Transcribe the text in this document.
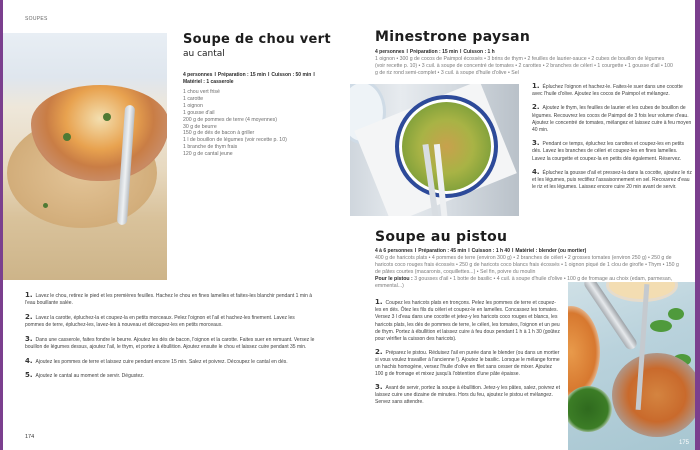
SOUPES
Soupe de chou vert
au cantal
4 personnes I Préparation : 15 min I Cuisson : 50 min I
Matériel : 1 casserole
1 chou vert frisé
1 carotte
1 oignon
1 gousse d'ail
200 g de pommes de terre (4 moyennes)
30 g de beurre
150 g de dés de bacon à griller
1 l de bouillon de légumes (voir recette p. 10)
1 branche de thym frais
120 g de cantal jeune
1. Lavez le chou, retirez le pied et les premières feuilles. Hachez le chou en fines lamelles et faites-les blanchir pendant 1 min à l'eau bouillante salée.
2. Lavez la carotte, épluchez-la et coupez-la en petits morceaux. Pelez l'oignon et l'ail et hachez-les finement. Lavez les pommes de terre, épluchez-les, lavez-les à nouveau et découpez-les en petits morceaux.
3. Dans une casserole, faites fondre le beurre. Ajoutez les dés de bacon, l'oignon et la carotte. Faites suer en remuant. Versez le bouillon de légumes dessus, ajoutez l'ail, le thym, et portez à ébullition. Ajoutez ensuite le chou et laissez cuire pendant 35 min.
4. Ajoutez les pommes de terre et laissez cuire pendant encore 15 min. Salez et poivrez. Découpez le cantal en dés.
5. Ajoutez le cantal au moment de servir. Dégustez.
174
Minestrone paysan
4 personnes I Préparation : 15 min I Cuisson : 1 h
1 oignon • 300 g de cocos de Paimpol écossés • 3 brins de thym • 2 feuilles de laurier-sauce • 2 cubes de bouillon de légumes (voir recette p. 10) • 3 cuil. à soupe de concentré de tomates • 2 carottes • 2 branches de céleri • 1 courgette • 1 gousse d'ail • 100 g de riz rond semi-complet • 3 cuil. à soupe d'huile d'olive • Sel
1. Épluchez l'oignon et hachez-le. Faites-le suer dans une cocotte avec l'huile d'olive. Ajoutez les cocos de Paimpol et mélangez.
2. Ajoutez le thym, les feuilles de laurier et les cubes de bouillon de légumes. Recouvrez les cocos de Paimpol de 3 fois leur volume d'eau. Ajoutez le concentré de tomates, mélangez et laissez cuire à feu moyen 40 min.
3. Pendant ce temps, épluchez les carottes et coupez-les en petits dés. Lavez les branches de céleri et coupez-les en fines lamelles. Lavez la courgette et coupez-la en petits dés également. Réservez.
4. Épluchez la gousse d'ail et pressez-la dans la cocotte, ajoutez le riz et les légumes, puis rectifiez l'assaisonnement en sel. Recouvrez d'eau le riz et les légumes. Laissez encore cuire 20 min avant de servir.
Soupe au pistou
4 à 6 personnes I Préparation : 45 min I Cuisson : 1 h 40 I Matériel : blender (ou mortier)
400 g de haricots plats • 4 pommes de terre (environ 300 g) • 2 branches de céleri • 2 grosses tomates (environ 250 g) • 250 g de haricots coco rouges frais écossés • 250 g de haricots coco blancs frais écossés • 1 oignon piqué de 1 clou de girofle • Thym • 150 g de pâtes courtes (macaronis, coquillettes...) • Sel fin, poivre du moulin
Pour le pistou : 3 gousses d'ail • 1 botte de basilic • 4 cuil. à soupe d'huile d'olive • 100 g de fromage au choix (edam, parmesan, emmental...)
1. Coupez les haricots plats en tronçons. Pelez les pommes de terre et coupez-les en dés. Ôtez les fils du céleri et coupez-le en lamelles. Concassez les tomates. Versez 3 l d'eau dans une cocotte et jetez-y les haricots coco rouges et blancs, les haricots plats, les dés de pommes de terre, le céleri, les tomates, l'oignon et un peu de thym. Portez à ébullition et laissez cuire à feu doux pendant 1 h à 1 h 30 (goûtez pour vérifier la cuisson des haricots).
2. Préparez le pistou. Réduisez l'ail en purée dans le blender (ou dans un mortier si vous voulez travailler à l'ancienne !). Ajoutez le basilic. Lorsque le mélange forme un hachis homogène, versez l'huile d'olive en filet sans cesser de mixer. Ajoutez 100 g de fromage et mixez jusqu'à l'obtention d'une pâte épaisse.
3. Avant de servir, portez la soupe à ébullition. Jetez-y les pâtes, salez, poivrez et laissez cuire une dizaine de minutes. Hors du feu, ajoutez le pistou et mélangez. Servez sans attendre.
175
